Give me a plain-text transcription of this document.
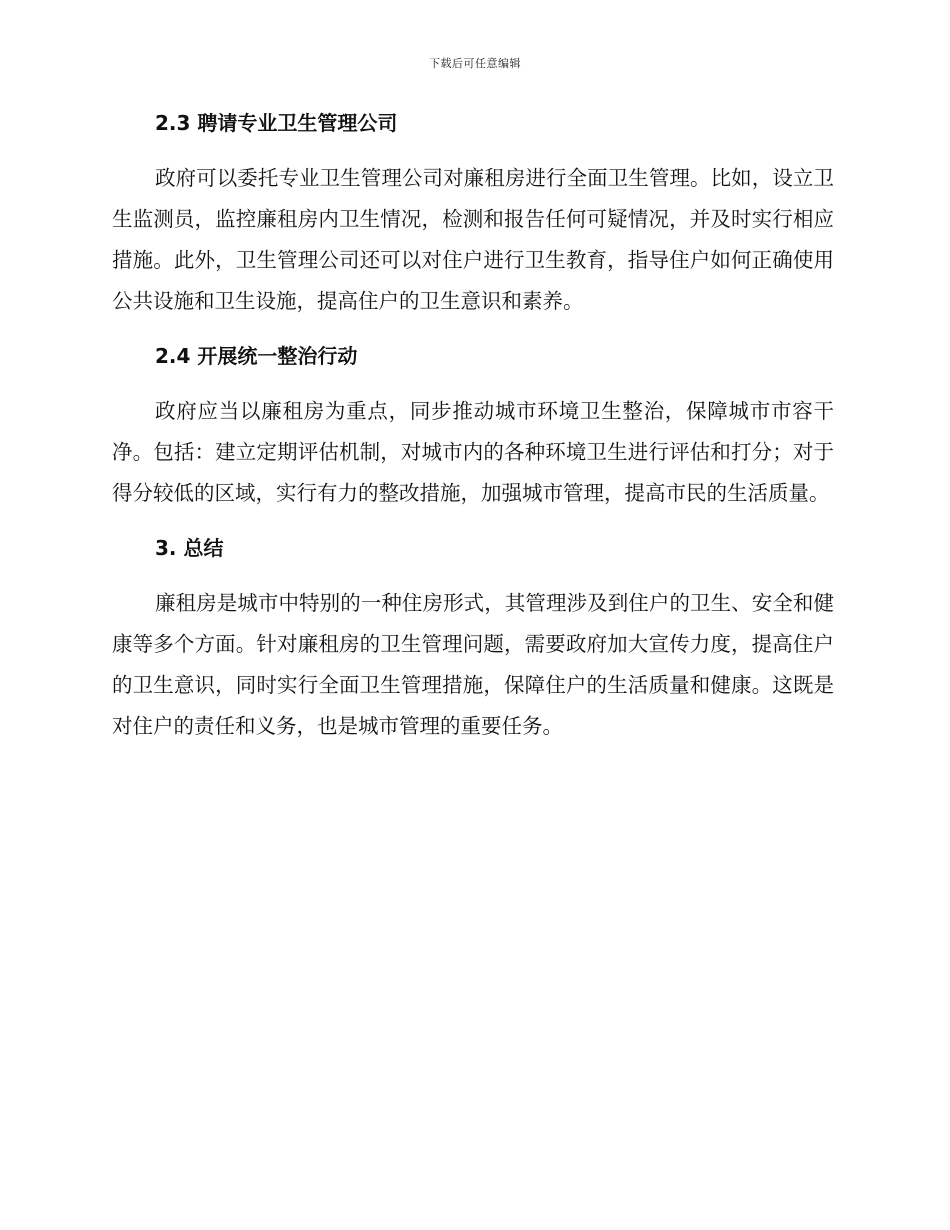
下载后可任意编辑
2.3 聘请专业卫生管理公司

政府可以委托专业卫生管理公司对廉租房进行全面卫生管理。比如，设立卫生监测员，监控廉租房内卫生情况，检测和报告任何可疑情况，并及时实行相应措施。此外，卫生管理公司还可以对住户进行卫生教育，指导住户如何正确使用公共设施和卫生设施，提高住户的卫生意识和素养。

2.4 开展统一整治行动

政府应当以廉租房为重点，同步推动城市环境卫生整治，保障城市市容干净。包括：建立定期评估机制，对城市内的各种环境卫生进行评估和打分；对于得分较低的区域，实行有力的整改措施，加强城市管理，提高市民的生活质量。

3. 总结

廉租房是城市中特别的一种住房形式，其管理涉及到住户的卫生、安全和健康等多个方面。针对廉租房的卫生管理问题，需要政府加大宣传力度，提高住户的卫生意识，同时实行全面卫生管理措施，保障住户的生活质量和健康。这既是对住户的责任和义务，也是城市管理的重要任务。
